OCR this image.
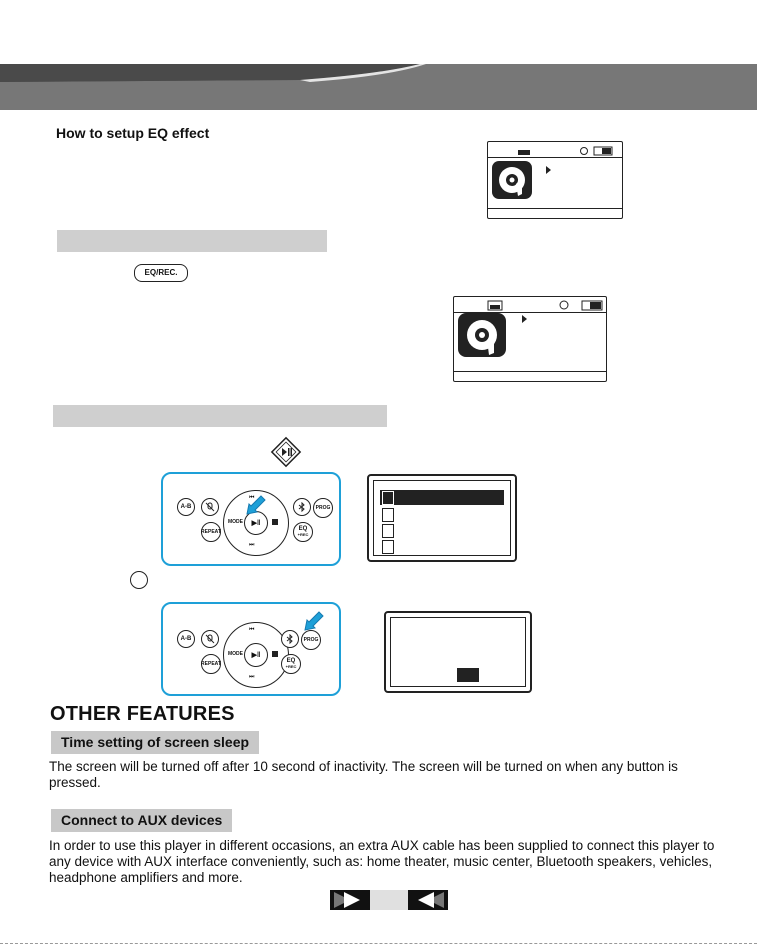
How to setup EQ effect
EQ/REC.
A-B
REPEAT
MODE
⏮
⏭
▶‖
PROG
EQ
+REC
A-B
REPEAT
MODE
⏮
⏭
▶‖
PROG
EQ
+REC
OTHER FEATURES
Time setting of screen sleep
The screen will be turned off after 10 second of inactivity. The screen will be turned on when any button is pressed.
Connect to AUX devices
In order to use this player in different occasions, an extra AUX cable has been supplied to connect this player to any device with AUX interface conveniently, such as: home theater, music center, Bluetooth speakers, vehicles, headphone amplifiers and more.
